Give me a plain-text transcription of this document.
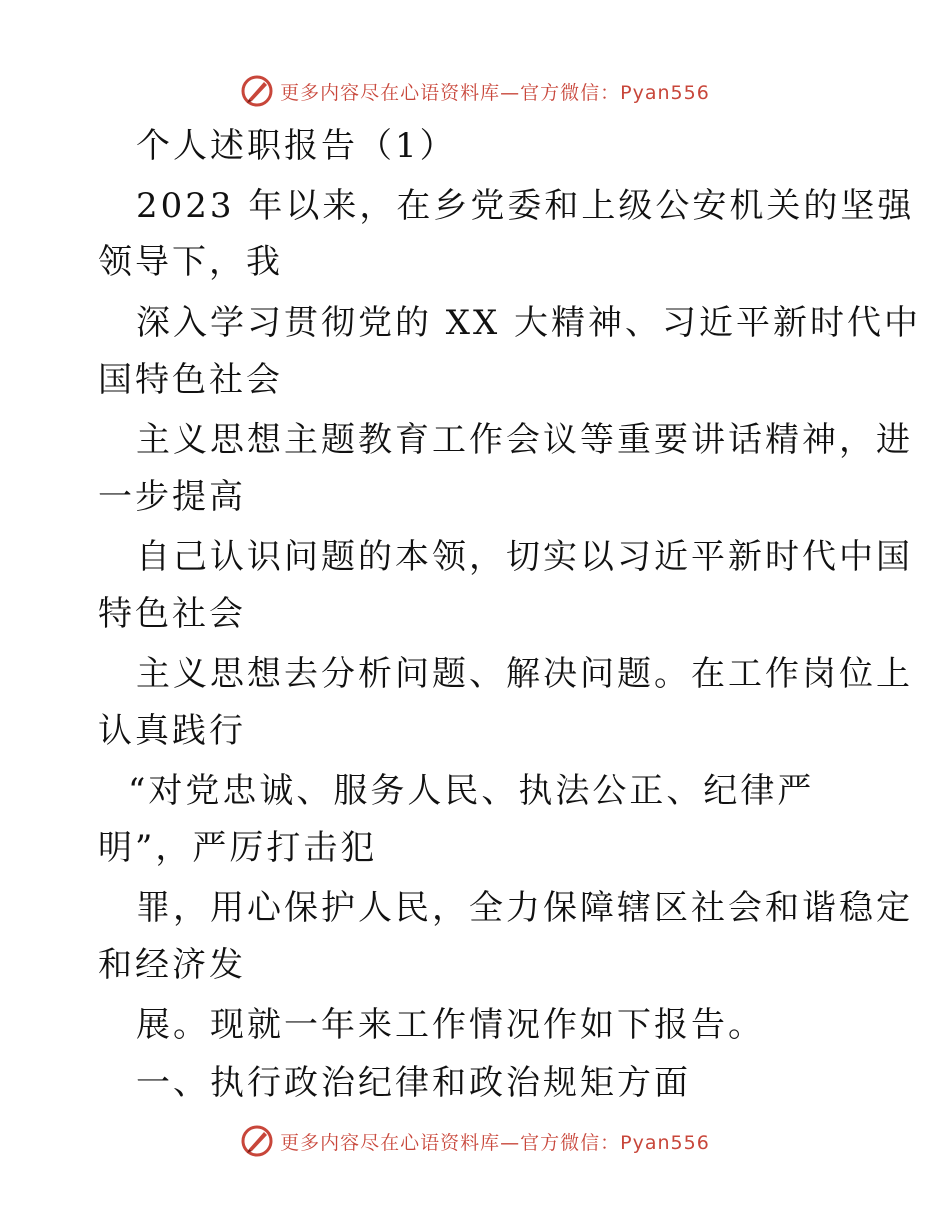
更多内容尽在心语资料库—官方微信：Pyan556
个人述职报告（1）
2023 年以来，在乡党委和上级公安机关的坚强
领导下，我
深入学习贯彻党的 XX 大精神、习近平新时代中
国特色社会
主义思想主题教育工作会议等重要讲话精神，进
一步提高
自己认识问题的本领，切实以习近平新时代中国
特色社会
主义思想去分析问题、解决问题。在工作岗位上
认真践行
“对党忠诚、服务人民、执法公正、纪律严
明”，严厉打击犯
罪，用心保护人民，全力保障辖区社会和谐稳定
和经济发
展。现就一年来工作情况作如下报告。
一、执行政治纪律和政治规矩方面
更多内容尽在心语资料库—官方微信：Pyan556
